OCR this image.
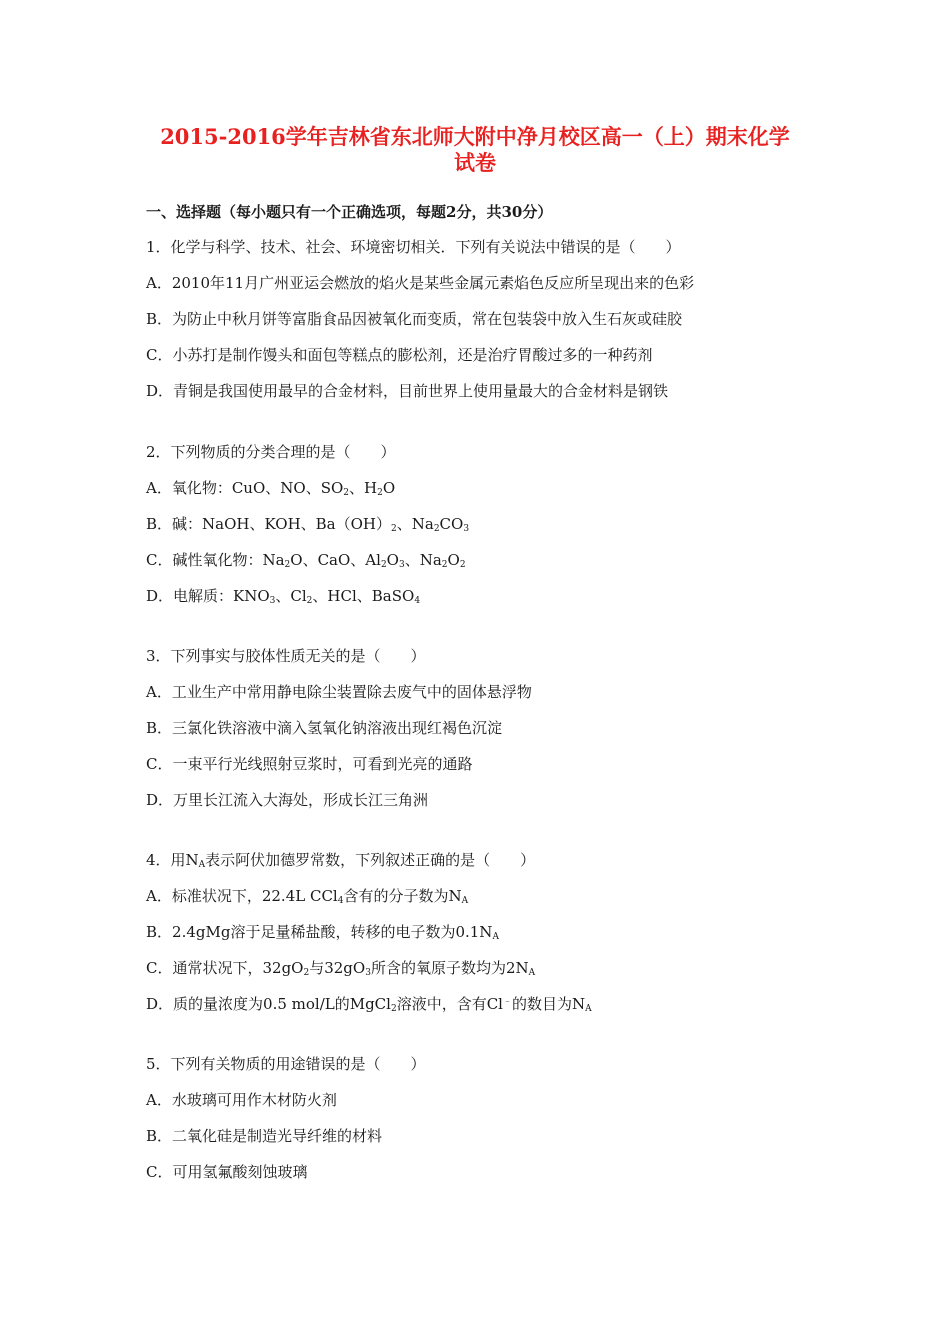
2015-2016学年吉林省东北师大附中净月校区高一（上）期末化学
试卷
一、选择题（每小题只有一个正确选项，每题2分，共30分）
1．化学与科学、技术、社会、环境密切相关．下列有关说法中错误的是（　　）
A．2010年11月广州亚运会燃放的焰火是某些金属元素焰色反应所呈现出来的色彩
B．为防止中秋月饼等富脂食品因被氧化而变质，常在包装袋中放入生石灰或硅胶
C．小苏打是制作馒头和面包等糕点的膨松剂，还是治疗胃酸过多的一种药剂
D．青铜是我国使用最早的合金材料，目前世界上使用量最大的合金材料是钢铁
2．下列物质的分类合理的是（　　）
A．氧化物：CuO、NO、$SO_2$、$H_2O$
B．碱：NaOH、KOH、$Ba(OH)_2$、$Na_2CO_3$
C．碱性氧化物：$Na_2O$、CaO、$Al_2O_3$、$Na_2O_2$
D．电解质：$KNO_3$、$Cl_2$、HCl、BaSO$_4$
3．下列事实与胶体性质无关的是（　　）
A．工业生产中常用静电除尘装置除去废气中的固体悬浮物
B．三氯化铁溶液中滴入氢氧化钠溶液出现红褐色沉淀
C．一束平行光线照射豆浆时，可看到光亮的通路
D．万里长江流入大海处，形成长江三角洲
4．用$N_A$表示阿伏加德罗常数，下列叙述正确的是（　　）
A．标准状况下，22.4L CCl$_4$含有的分子数为$N_A$
B．2.4gMg溶于足量稀盐酸，转移的电子数为$0.1N_A$
C．通常状况下，$32gO_2$与$32gO_3$所含的氧原子数均为$2N_A$
D．质的量浓度为0.5 mol/L的MgCl$_2$溶液中，含有Cl﹣的数目为$N_A$
5．下列有关物质的用途错误的是（　　）
A．水玻璃可用作木材防火剂
B．二氧化硅是制造光导纤维的材料
C．可用氢氟酸刻蚀玻璃
